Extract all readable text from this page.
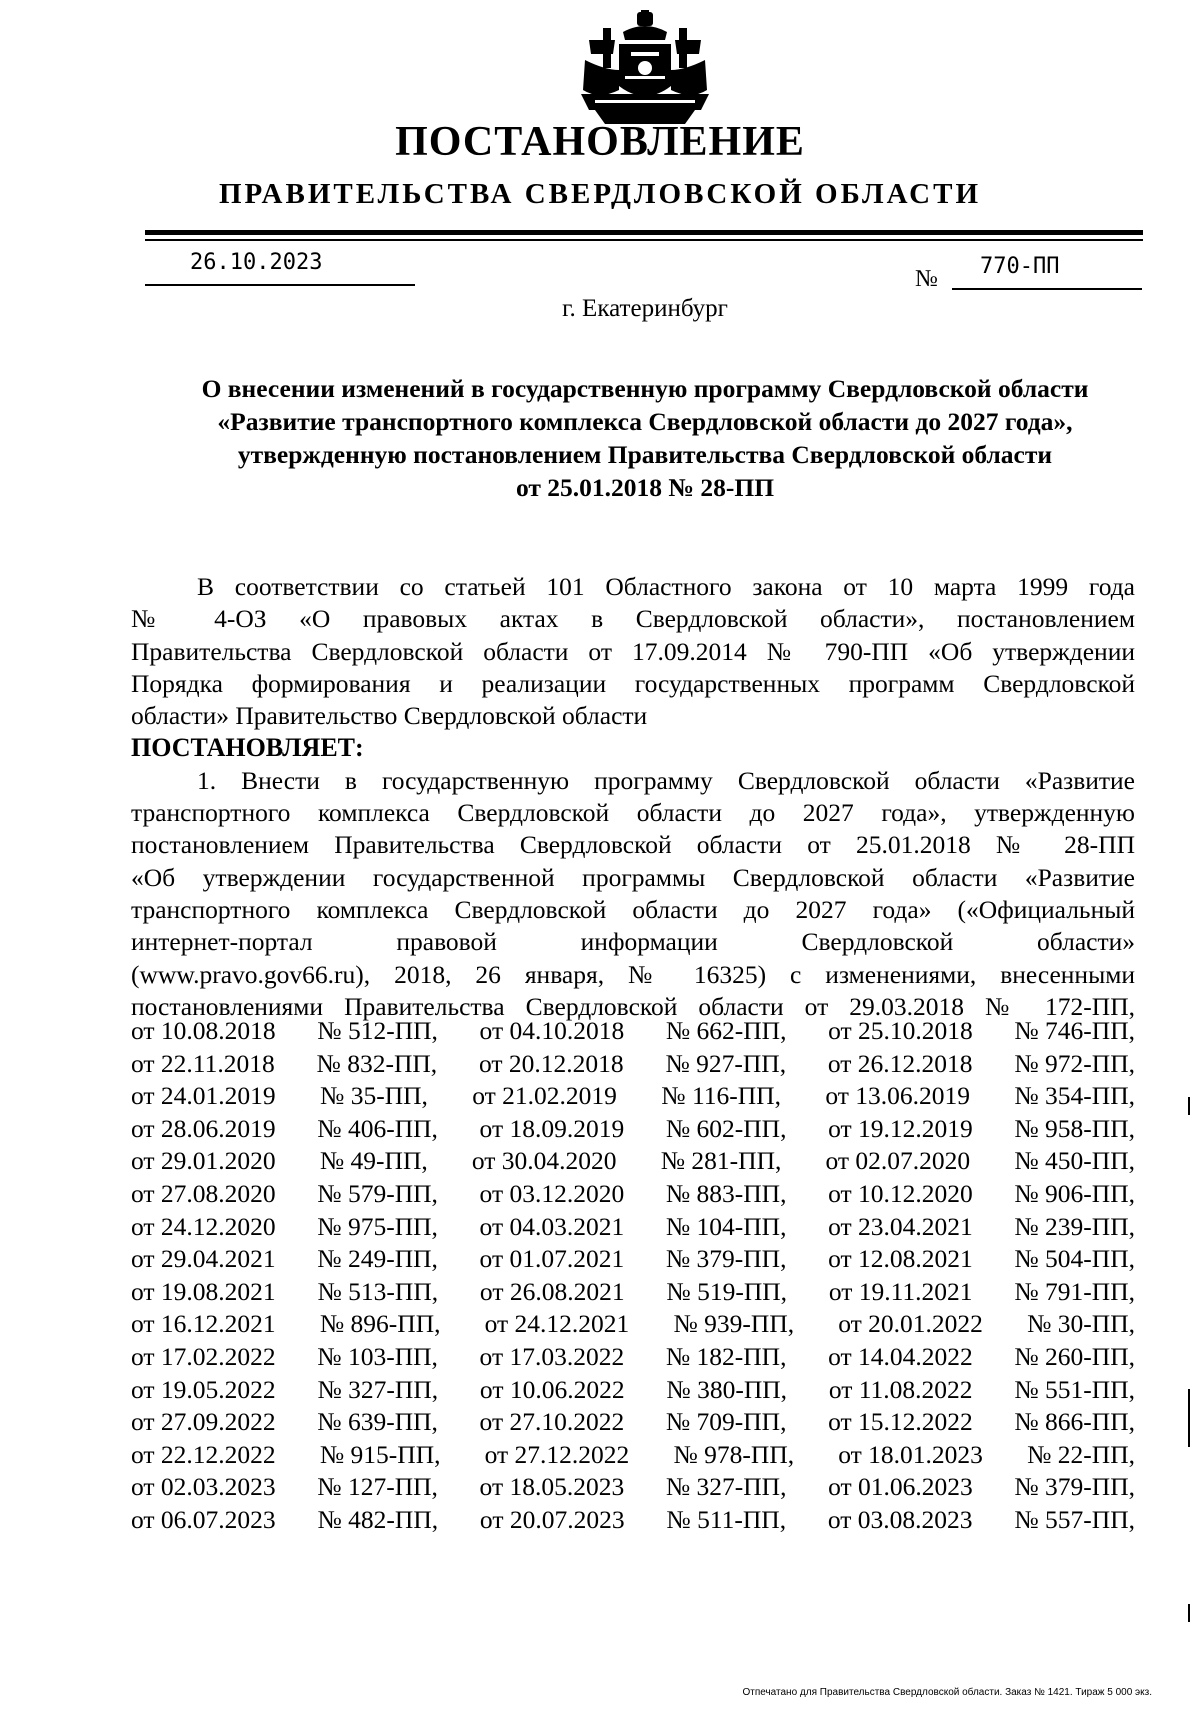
ПОСТАНОВЛЕНИЕ
ПРАВИТЕЛЬСТВА СВЕРДЛОВСКОЙ ОБЛАСТИ
26.10.2023
№ 770-ПП
г. Екатеринбург
О внесении изменений в государственную программу Свердловской области
«Развитие транспортного комплекса Свердловской области до 2027 года»,
утвержденную постановлением Правительства Свердловской области
от 25.01.2018 № 28-ПП
В соответствии со статьей 101 Областного закона от 10 марта 1999 года
№ 4-ОЗ «О правовых актах в Свердловской области», постановлением
Правительства Свердловской области от 17.09.2014 № 790-ПП «Об утверждении
Порядка формирования и реализации государственных программ Свердловской
области» Правительство Свердловской области
ПОСТАНОВЛЯЕТ:
1. Внести в государственную программу Свердловской области «Развитие
транспортного комплекса Свердловской области до 2027 года», утвержденную
постановлением Правительства Свердловской области от 25.01.2018 № 28-ПП
«Об утверждении государственной программы Свердловской области «Развитие
транспортного комплекса Свердловской области до 2027 года» («Официальный
интернет-портал правовой информации Свердловской области»
(www.pravo.gov66.ru), 2018, 26 января, № 16325) с изменениями, внесенными
постановлениями Правительства Свердловской области от 29.03.2018 № 172-ПП,
от 10.08.2018 № 512-ПП, от 04.10.2018 № 662-ПП, от 25.10.2018 № 746-ПП,
от 22.11.2018 № 832-ПП, от 20.12.2018 № 927-ПП, от 26.12.2018 № 972-ПП,
от 24.01.2019 № 35-ПП, от 21.02.2019 № 116-ПП, от 13.06.2019 № 354-ПП,
от 28.06.2019 № 406-ПП, от 18.09.2019 № 602-ПП, от 19.12.2019 № 958-ПП,
от 29.01.2020 № 49-ПП, от 30.04.2020 № 281-ПП, от 02.07.2020 № 450-ПП,
от 27.08.2020 № 579-ПП, от 03.12.2020 № 883-ПП, от 10.12.2020 № 906-ПП,
от 24.12.2020 № 975-ПП, от 04.03.2021 № 104-ПП, от 23.04.2021 № 239-ПП,
от 29.04.2021 № 249-ПП, от 01.07.2021 № 379-ПП, от 12.08.2021 № 504-ПП,
от 19.08.2021 № 513-ПП, от 26.08.2021 № 519-ПП, от 19.11.2021 № 791-ПП,
от 16.12.2021 № 896-ПП, от 24.12.2021 № 939-ПП, от 20.01.2022 № 30-ПП,
от 17.02.2022 № 103-ПП, от 17.03.2022 № 182-ПП, от 14.04.2022 № 260-ПП,
от 19.05.2022 № 327-ПП, от 10.06.2022 № 380-ПП, от 11.08.2022 № 551-ПП,
от 27.09.2022 № 639-ПП, от 27.10.2022 № 709-ПП, от 15.12.2022 № 866-ПП,
от 22.12.2022 № 915-ПП, от 27.12.2022 № 978-ПП, от 18.01.2023 № 22-ПП,
от 02.03.2023 № 127-ПП, от 18.05.2023 № 327-ПП, от 01.06.2023 № 379-ПП,
от 06.07.2023 № 482-ПП, от 20.07.2023 № 511-ПП, от 03.08.2023 № 557-ПП,
Отпечатано для Правительства Свердловской области. Заказ № 1421. Тираж 5 000 экз.
